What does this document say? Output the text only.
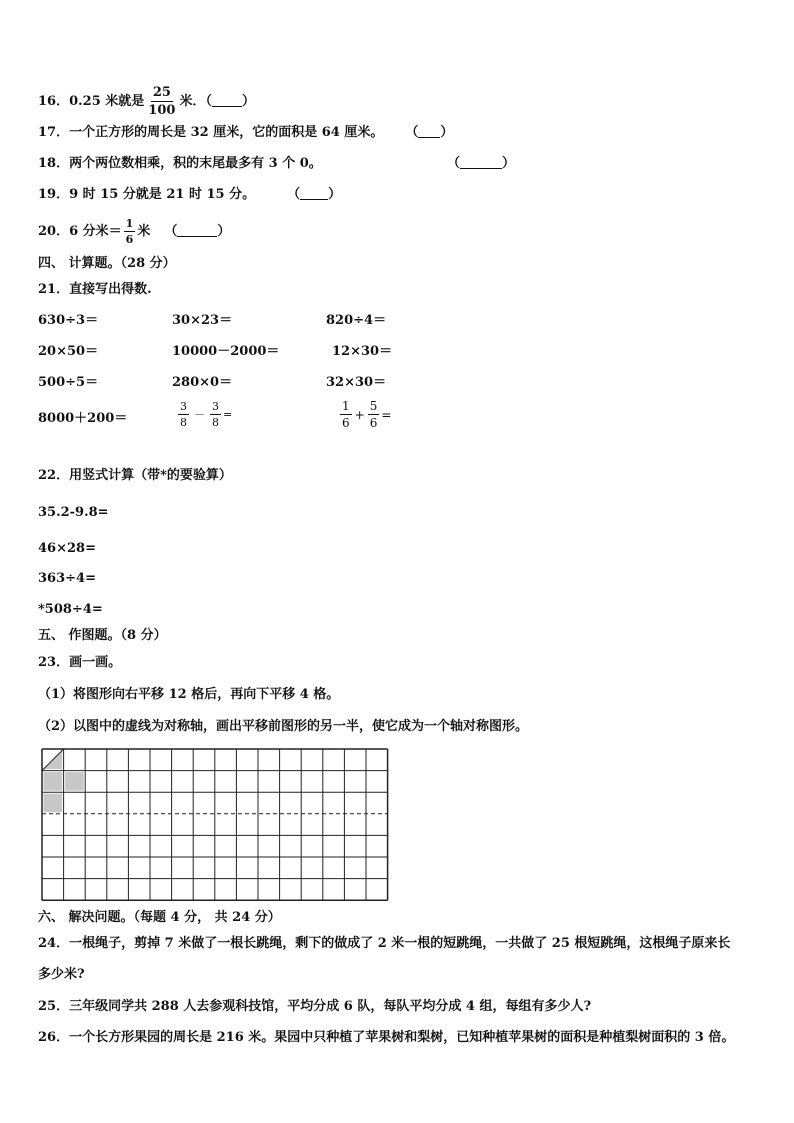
16．0.25 米就是 $\frac{25}{100}$ 米．（ ）
17．一个正方形的周长是 32 厘米，它的面积是 64 厘米。 （ ）
18．两个两位数相乘，积的末尾最多有 3 个 0。	（	）
19．9 时 15 分就是 21 时 15 分。 （ ）
20．6 分米＝ $\frac{1}{6}$ 米 （	）
四、 计算题。（28 分）
21．直接写出得数.
630÷3＝	30×23＝	820÷4＝
20×50＝	10000－2000＝	12×30＝
500÷5＝	280×0＝	32×30＝
8000＋200＝	$\frac{3}{8} - \frac{3}{8}$ =	$\frac{1}{6} + \frac{5}{6}$ =
22．用竖式计算（带*的要验算）
35.2-9.8=
46×28=
363÷4=
*508÷4=
五、 作图题。（8 分）
23．画一画。
（1）将图形向右平移 12 格后，再向下平移 4 格。
（2）以图中的虚线为对称轴，画出平移前图形的另一半，使它成为一个轴对称图形。
六、 解决问题。（每题 4 分， 共 24 分）
24．一根绳子，剪掉 7 米做了一根长跳绳，剩下的做成了 2 米一根的短跳绳，一共做了 25 根短跳绳，这根绳子原来长
多少米?
25．三年级同学共 288 人去参观科技馆，平均分成 6 队，每队平均分成 4 组，每组有多少人?
26．一个长方形果园的周长是 216 米。果园中只种植了苹果树和梨树，已知种植苹果树的面积是种植梨树面积的 3 倍。
